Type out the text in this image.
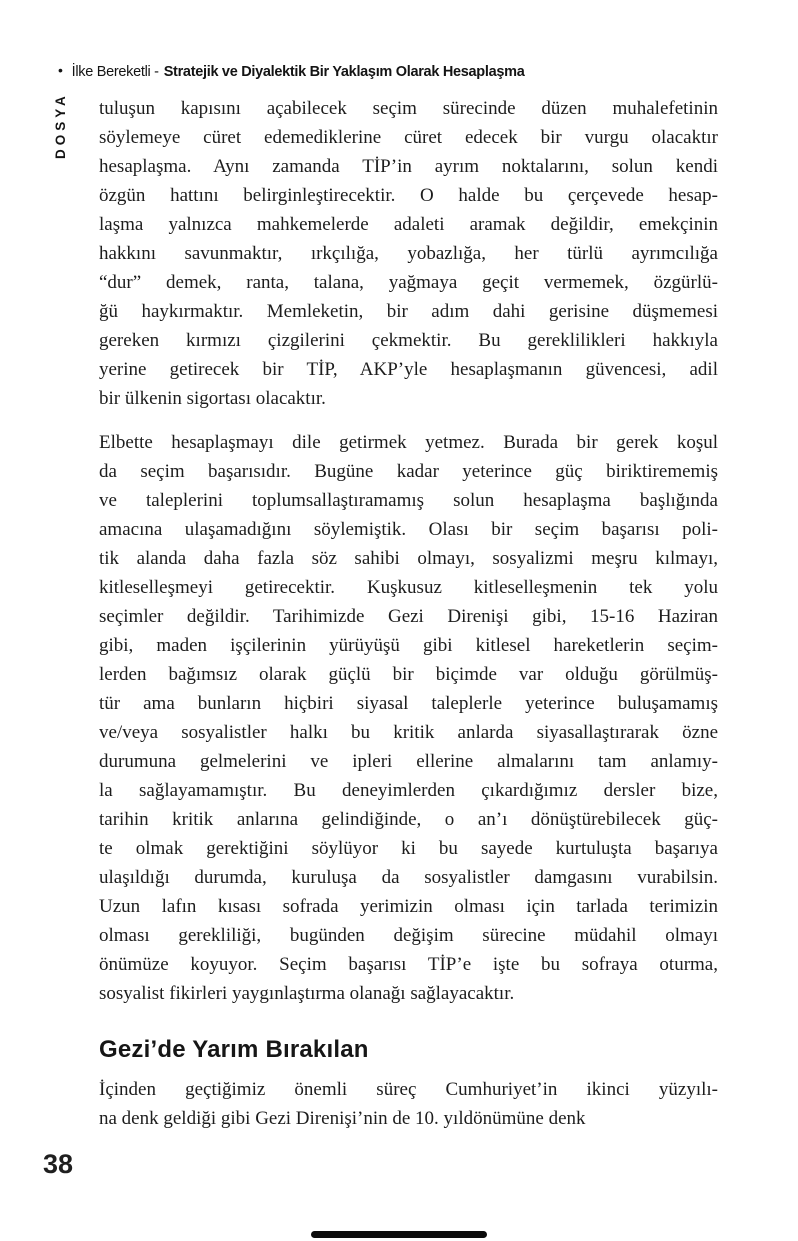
• İlke Bereketli - Stratejik ve Diyalektik Bir Yaklaşım Olarak Hesaplaşma
DOSYA tuluşun kapısını açabilecek seçim sürecinde düzen muhalefetinin
söylemeye cüret edemediklerine cüret edecek bir vurgu olacaktır
hesaplaşma. Aynı zamanda TİP’in ayrım noktalarını, solun kendi
özgün hattını belirginleştirecektir. O halde bu çerçevede hesap-
laşma yalnızca mahkemelerde adaleti aramak değildir, emekçinin
hakkını savunmaktır, ırkçılığa, yobazlığa, her türlü ayrımcılığa
“dur” demek, ranta, talana, yağmaya geçit vermemek, özgürlü-
ğü haykırmaktır. Memleketin, bir adım dahi gerisine düşmemesi
gereken kırmızı çizgilerini çekmektir. Bu gereklilikleri hakkıyla
yerine getirecek bir TİP, AKP’yle hesaplaşmanın güvencesi, adil
bir ülkenin sigortası olacaktır.
Elbette hesaplaşmayı dile getirmek yetmez. Burada bir gerek koşul
da seçim başarısıdır. Bugüne kadar yeterince güç biriktirememiş
ve taleplerini toplumsallaştıramamış solun hesaplaşma başlığında
amacına ulaşamadığını söylemiştik. Olası bir seçim başarısı poli-
tik alanda daha fazla söz sahibi olmayı, sosyalizmi meşru kılmayı,
kitleselleşmeyi getirecektir. Kuşkusuz kitleselleşmenin tek yolu
seçimler değildir. Tarihimizde Gezi Direnişi gibi, 15-16 Haziran
gibi, maden işçilerinin yürüyüşü gibi kitlesel hareketlerin seçim-
lerden bağımsız olarak güçlü bir biçimde var olduğu görülmüş-
tür ama bunların hiçbiri siyasal taleplerle yeterince buluşamamış
ve/veya sosyalistler halkı bu kritik anlarda siyasallaştırarak özne
durumuna gelmelerini ve ipleri ellerine almalarını tam anlamıy-
la sağlayamamıştır. Bu deneyimlerden çıkardığımız dersler bize,
tarihin kritik anlarına gelindiğinde, o an’ı dönüştürebilecek güç-
te olmak gerektiğini söylüyor ki bu sayede kurtuluşta başarıya
ulaşıldığı durumda, kuruluşa da sosyalistler damgasını vurabilsin.
Uzun lafın kısası sofrada yerimizin olması için tarlada terimizin
olması gerekliliği, bugünden değişim sürecine müdahil olmayı
önümüze koyuyor. Seçim başarısı TİP’e işte bu sofraya oturma,
sosyalist fikirleri yaygınlaştırma olanağı sağlayacaktır.
Gezi’de Yarım Bırakılan
İçinden geçtiğimiz önemli süreç Cumhuriyet’in ikinci yüzyılı-
na denk geldiği gibi Gezi Direnişi’nin de 10. yıldönümüne denk
38
